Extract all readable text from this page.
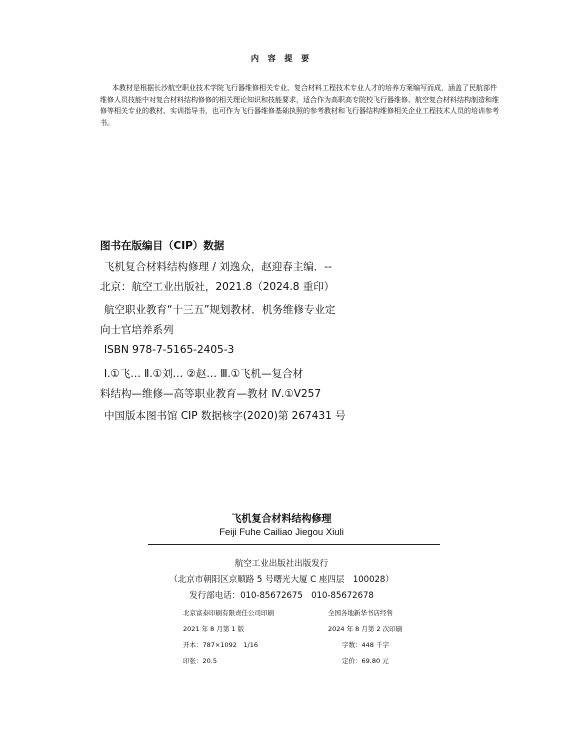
内 容 提 要
本教材是根据长沙航空职业技术学院飞行器维修相关专业、复合材料工程技术专业人才的培养方案编写而成，涵盖了民航部件维修人员技能中对复合材料结构修修的相关理论知识和技能要求，适合作为高职高专院校飞行器维修、航空复合材料结构制造和维修等相关专业的教材、实训指导书，也可作为飞行器维修基础执照的参考教材和飞行器结构维修相关企业工程技术人员的培训参考书。
图书在版编目（CIP）数据
飞机复合材料结构修理 / 刘逸众，赵迎春主编．--
北京：航空工业出版社，2021.8（2024.8 重印）
航空职业教育“十三五”规划教材．机务维修专业定
向士官培养系列
ISBN 978-7-5165-2405-3
Ⅰ.①飞… Ⅱ.①刘… ②赵… Ⅲ.①飞机—复合材
料结构—维修—高等职业教育—教材 Ⅳ.①V257
中国版本图书馆 CIP 数据核字(2020)第 267431 号
飞机复合材料结构修理
Feiji Fuhe Cailiao Jiegou Xiuli
航空工业出版社出版发行
（北京市朝阳区京顺路 5 号曙光大厦 C 座四层　100028）
发行部电话：010-85672675　010-85672678
北京富泰印刷有限责任公司印刷
2021 年 8 月第 1 版
开本：787×1092　1/16
印张：20.5
全国各地新华书店经售
2024 年 8 月第 2 次印刷
字数：448 千字
定价：69.80 元
